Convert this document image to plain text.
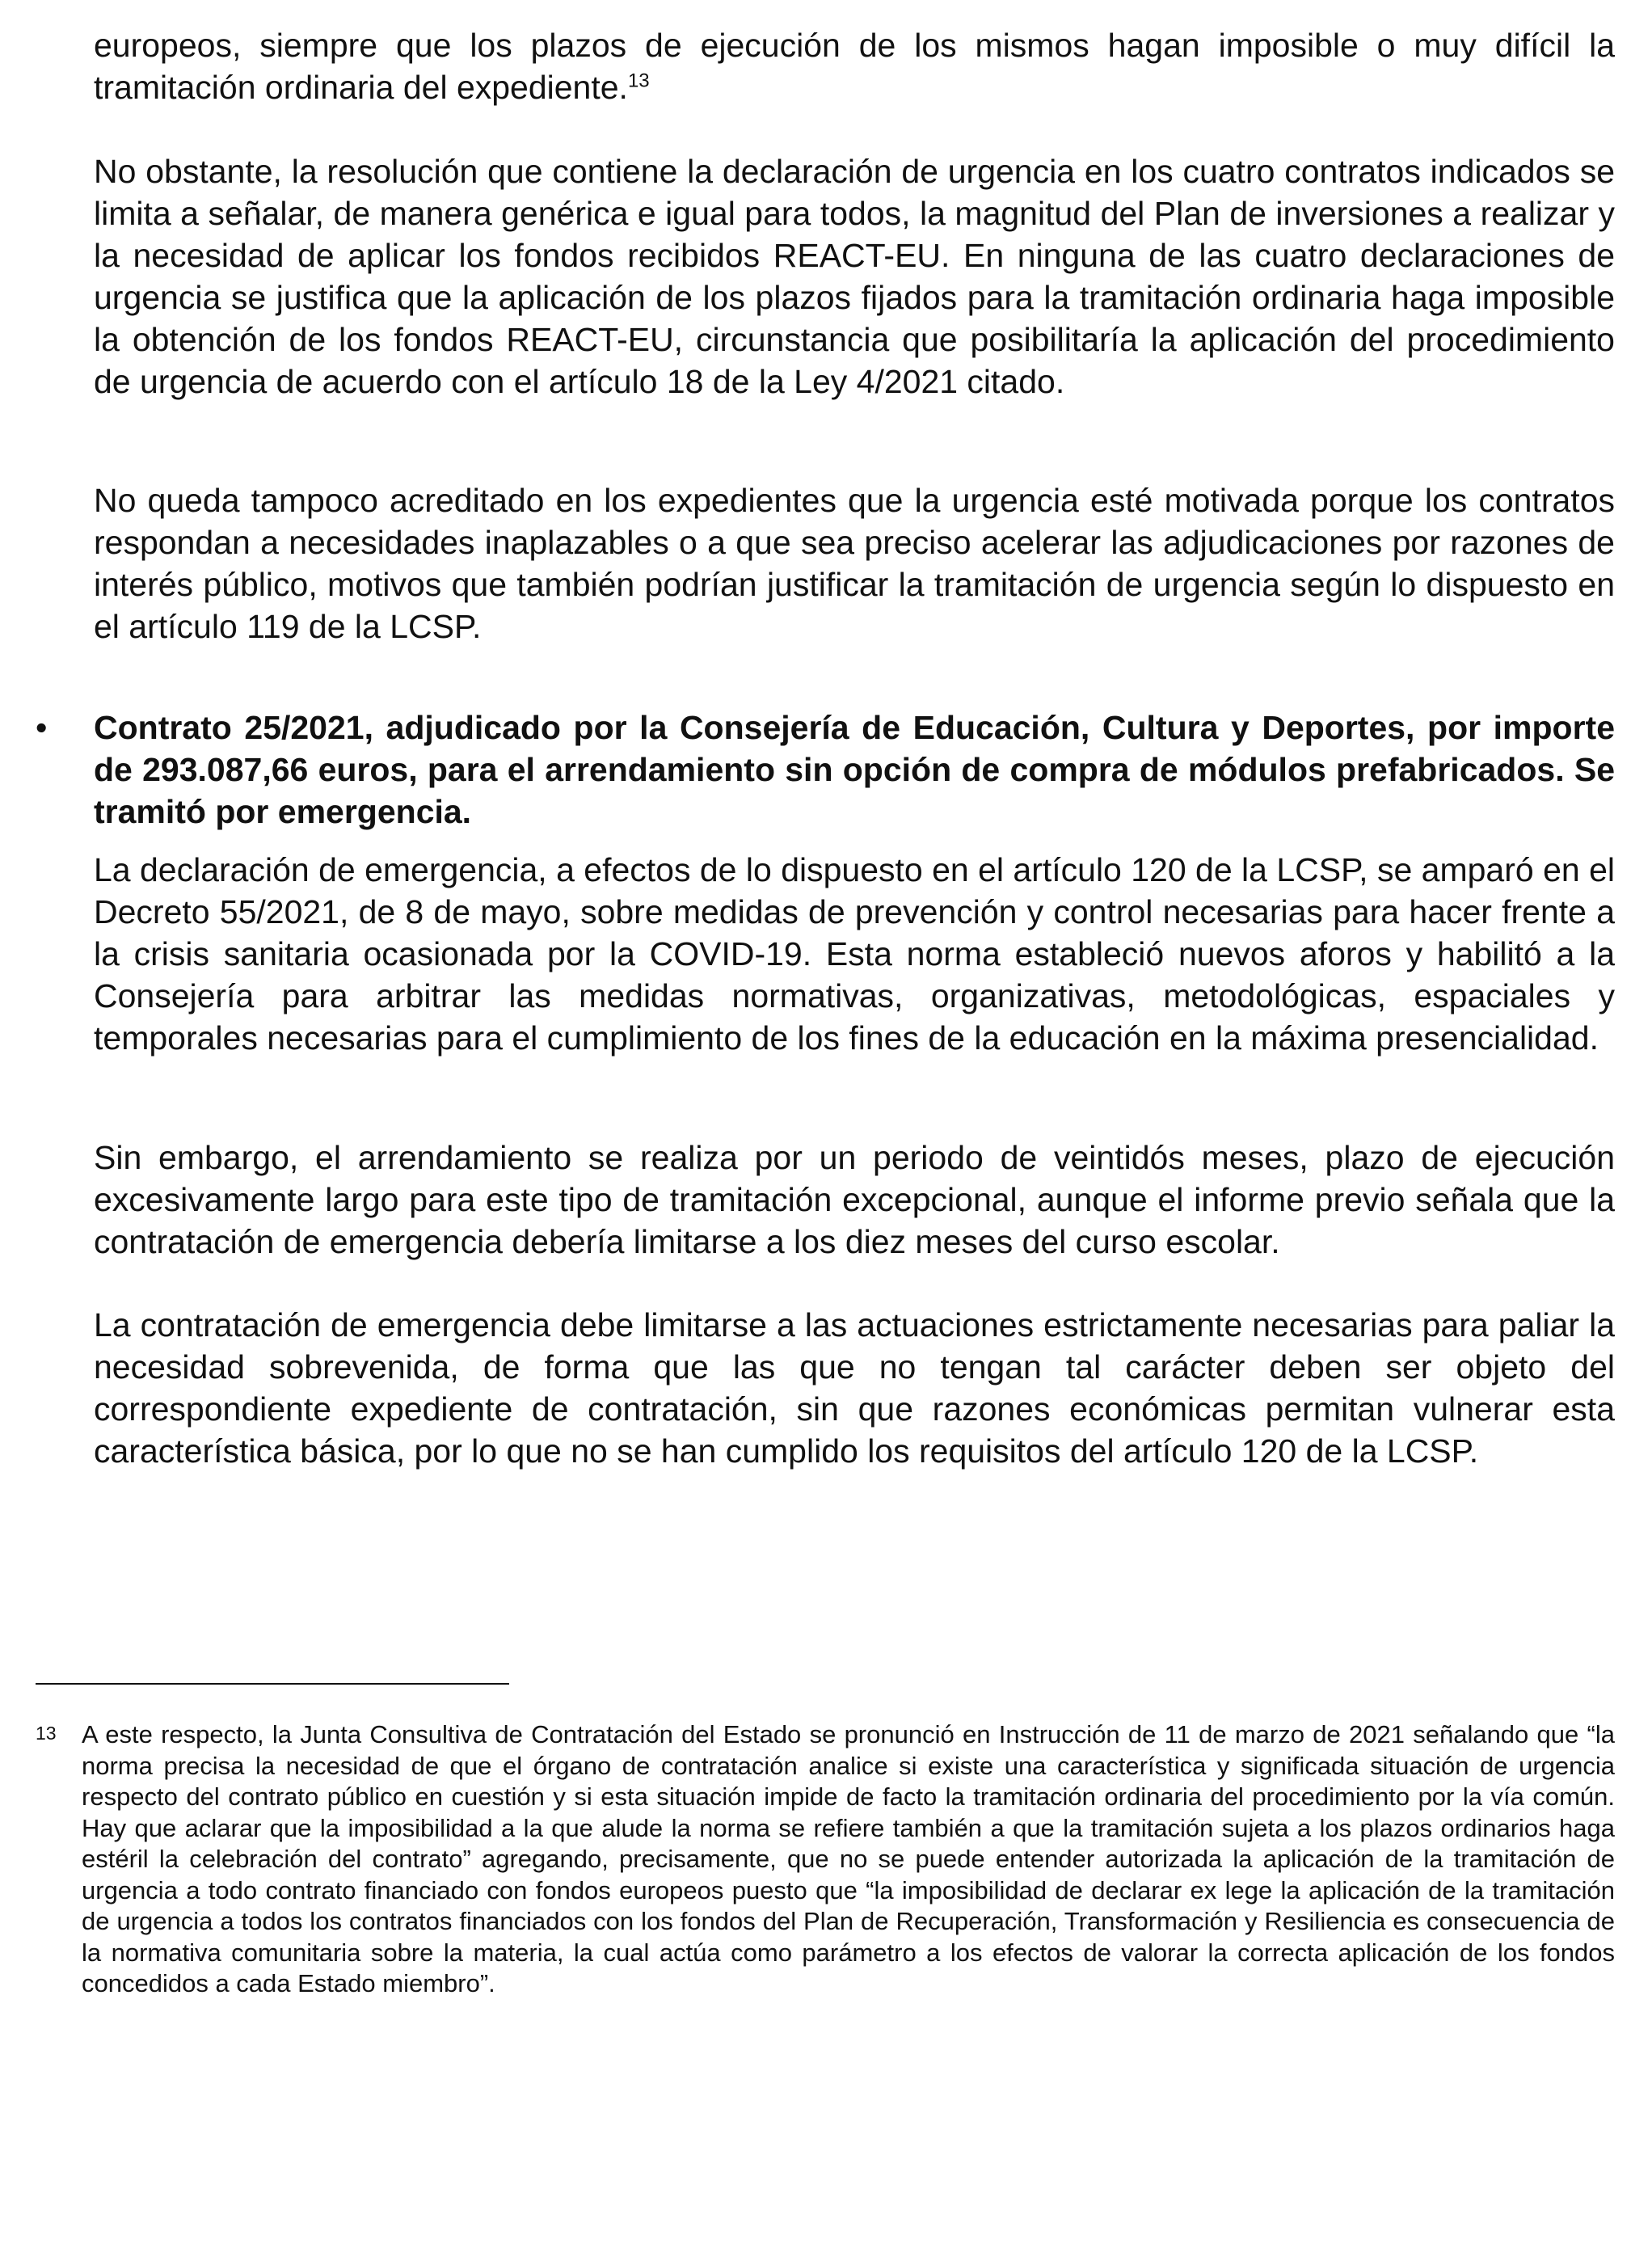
europeos, siempre que los plazos de ejecución de los mismos hagan imposible o muy difícil la tramitación ordinaria del expediente.$^{13}$

No obstante, la resolución que contiene la declaración de urgencia en los cuatro contratos indicados se limita a señalar, de manera genérica e igual para todos, la magnitud del Plan de inversiones a realizar y la necesidad de aplicar los fondos recibidos REACT-EU. En ninguna de las cuatro declaraciones de urgencia se justifica que la aplicación de los plazos fijados para la tramitación ordinaria haga imposible la obtención de los fondos REACT-EU, circunstancia que posibilitaría la aplicación del procedimiento de urgencia de acuerdo con el artículo 18 de la Ley 4/2021 citado.

No queda tampoco acreditado en los expedientes que la urgencia esté motivada porque los contratos respondan a necesidades inaplazables o a que sea preciso acelerar las adjudicaciones por razones de interés público, motivos que también podrían justificar la tramitación de urgencia según lo dispuesto en el artículo 119 de la LCSP.

• Contrato 25/2021, adjudicado por la Consejería de Educación, Cultura y Deportes, por importe de 293.087,66 euros, para el arrendamiento sin opción de compra de módulos prefabricados. Se tramitó por emergencia.

La declaración de emergencia, a efectos de lo dispuesto en el artículo 120 de la LCSP, se amparó en el Decreto 55/2021, de 8 de mayo, sobre medidas de prevención y control necesarias para hacer frente a la crisis sanitaria ocasionada por la COVID-19. Esta norma estableció nuevos aforos y habilitó a la Consejería para arbitrar las medidas normativas, organizativas, metodológicas, espaciales y temporales necesarias para el cumplimiento de los fines de la educación en la máxima presencialidad.

Sin embargo, el arrendamiento se realiza por un periodo de veintidós meses, plazo de ejecución excesivamente largo para este tipo de tramitación excepcional, aunque el informe previo señala que la contratación de emergencia debería limitarse a los diez meses del curso escolar.

La contratación de emergencia debe limitarse a las actuaciones estrictamente necesarias para paliar la necesidad sobrevenida, de forma que las que no tengan tal carácter deben ser objeto del correspondiente expediente de contratación, sin que razones económicas permitan vulnerar esta característica básica, por lo que no se han cumplido los requisitos del artículo 120 de la LCSP.

13 A este respecto, la Junta Consultiva de Contratación del Estado se pronunció en Instrucción de 11 de marzo de 2021 señalando que “la norma precisa la necesidad de que el órgano de contratación analice si existe una característica y significada situación de urgencia respecto del contrato público en cuestión y si esta situación impide de facto la tramitación ordinaria del procedimiento por la vía común. Hay que aclarar que la imposibilidad a la que alude la norma se refiere también a que la tramitación sujeta a los plazos ordinarios haga estéril la celebración del contrato” agregando, precisamente, que no se puede entender autorizada la aplicación de la tramitación de urgencia a todo contrato financiado con fondos europeos puesto que “la imposibilidad de declarar ex lege la aplicación de la tramitación de urgencia a todos los contratos financiados con los fondos del Plan de Recuperación, Transformación y Resiliencia es consecuencia de la normativa comunitaria sobre la materia, la cual actúa como parámetro a los efectos de valorar la correcta aplicación de los fondos concedidos a cada Estado miembro”.
